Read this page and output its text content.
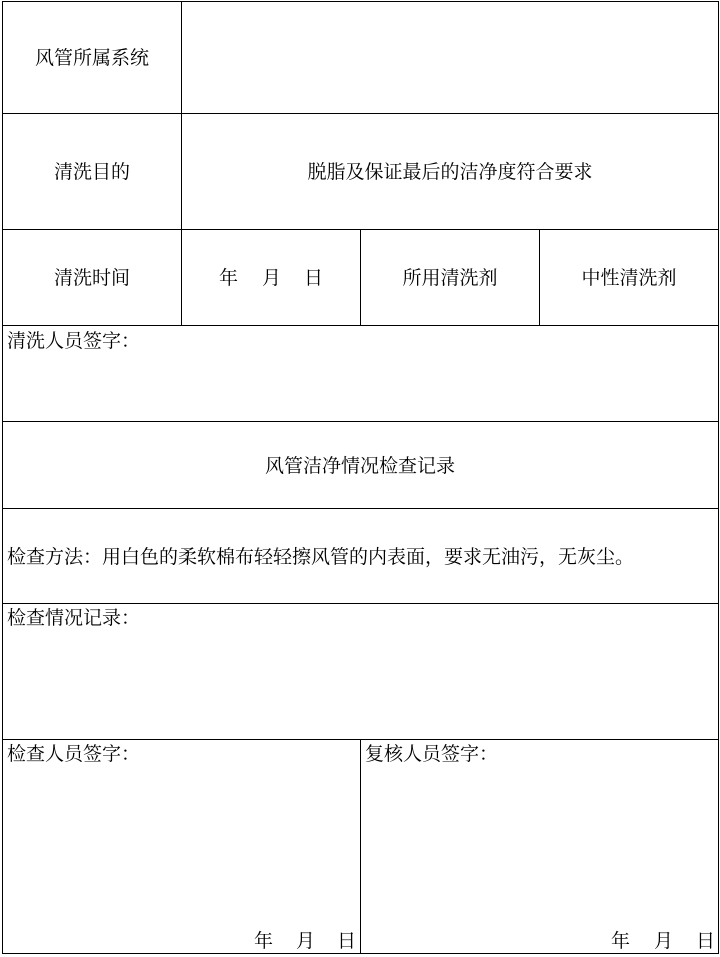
风管所属系统
清洗目的	脱脂及保证最后的洁净度符合要求
清洗时间	年 月 日	所用清洗剂	中性清洗剂
清洗人员签字：
风管洁净情况检查记录
检查方法：用白色的柔软棉布轻轻擦风管的内表面，要求无油污，无灰尘。
检查情况记录：
检查人员签字：
年 月 日
复核人员签字：
年 月 日
